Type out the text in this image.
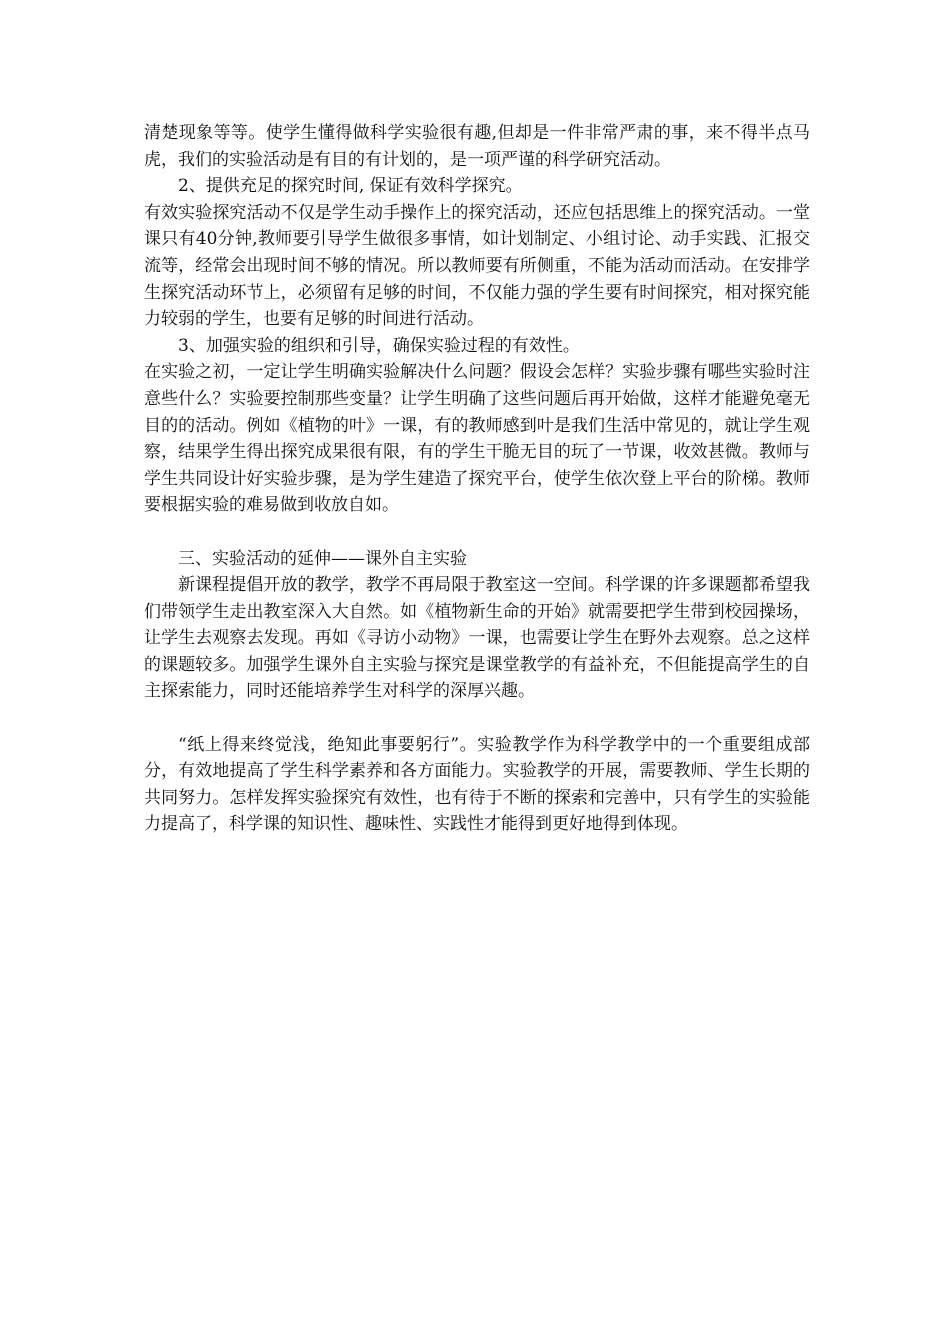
清楚现象等等。使学生懂得做科学实验很有趣,但却是一件非常严肃的事，来不得半点马虎，我们的实验活动是有目的有计划的，是一项严谨的科学研究活动。

2、提供充足的探究时间, 保证有效科学探究。

有效实验探究活动不仅是学生动手操作上的探究活动，还应包括思维上的探究活动。一堂课只有40分钟,教师要引导学生做很多事情，如计划制定、小组讨论、动手实践、汇报交流等，经常会出现时间不够的情况。所以教师要有所侧重，不能为活动而活动。在安排学生探究活动环节上，必须留有足够的时间，不仅能力强的学生要有时间探究，相对探究能力较弱的学生，也要有足够的时间进行活动。

3、加强实验的组织和引导，确保实验过程的有效性。

在实验之初，一定让学生明确实验解决什么问题？假设会怎样？实验步骤有哪些实验时注意些什么？实验要控制那些变量？让学生明确了这些问题后再开始做，这样才能避免毫无目的的活动。例如《植物的叶》一课，有的教师感到叶是我们生活中常见的，就让学生观察，结果学生得出探究成果很有限，有的学生干脆无目的玩了一节课，收效甚微。教师与学生共同设计好实验步骤，是为学生建造了探究平台，使学生依次登上平台的阶梯。教师要根据实验的难易做到收放自如。

三、实验活动的延伸——课外自主实验

新课程提倡开放的教学，教学不再局限于教室这一空间。科学课的许多课题都希望我们带领学生走出教室深入大自然。如《植物新生命的开始》就需要把学生带到校园操场，让学生去观察去发现。再如《寻访小动物》一课，也需要让学生在野外去观察。总之这样的课题较多。加强学生课外自主实验与探究是课堂教学的有益补充，不但能提高学生的自主探索能力，同时还能培养学生对科学的深厚兴趣。

“纸上得来终觉浅，绝知此事要躬行”。实验教学作为科学教学中的一个重要组成部分，有效地提高了学生科学素养和各方面能力。实验教学的开展，需要教师、学生长期的共同努力。怎样发挥实验探究有效性，也有待于不断的探索和完善中，只有学生的实验能力提高了，科学课的知识性、趣味性、实践性才能得到更好地得到体现。
